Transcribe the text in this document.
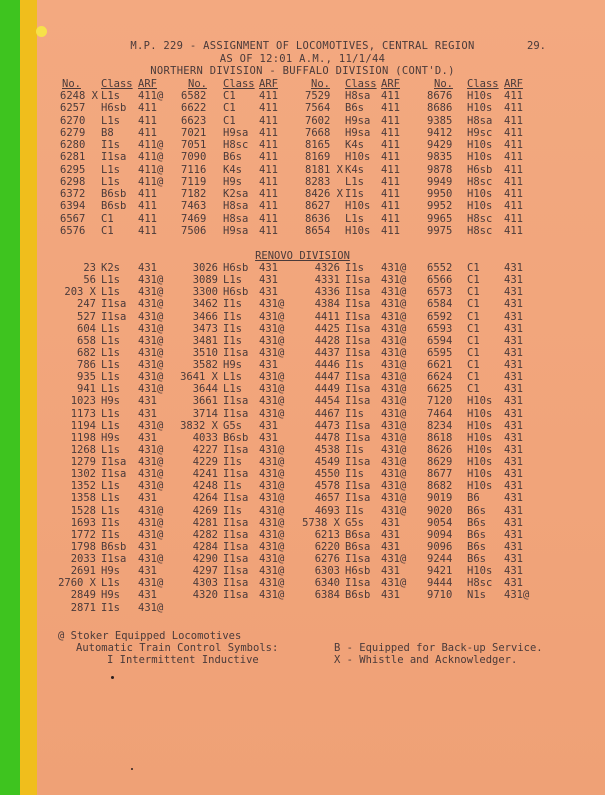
M.P. 229 - ASSIGNMENT OF LOCOMOTIVES, CENTRAL REGION	29.
AS OF 12:01 A.M., 11/1/44
NORTHERN DIVISION - BUFFALO DIVISION (CONT'D.)
No. Class ARF	No. Class ARF	No. Class ARF	No. Class ARF
6248 X L1s 411@
6257 H6sb 411
6270 L1s 411
6279 B8 411
6280 I1s 411@
6281 I1sa 411@
6295 L1s 411@
6298 L1s 411@
6372 B6sb 411
6394 B6sb 411
6567 C1 411
6576 C1 411
6582 C1 411
6622 C1 411
6623 C1 411
7021 H9sa 411
7051 H8sc 411
7090 B6s 411
7116 K4s 411
7119 H9s 411
7182 K2sa 411
7463 H8sa 411
7469 H8sa 411
7506 H9sa 411
7529 H8sa 411
7564 B6s 411
7602 H9sa 411
7668 H9sa 411
8165 K4s 411
8169 H10s 411
8181 X K4s 411
8283 L1s 411
8426 X I1s 411
8627 H10s 411
8636 L1s 411
8654 H10s 411
8676 H10s 411
8686 H10s 411
9385 H8sa 411
9412 H9sc 411
9429 H10s 411
9835 H10s 411
9878 H6sb 411
9949 H8sc 411
9950 H10s 411
9952 H10s 411
9965 H8sc 411
9975 H8sc 411
RENOVO DIVISION
23 K2s 431
56 L1s 431@
203 X L1s 431@
247 I1sa 431@
527 I1sa 431@
604 L1s 431@
658 L1s 431@
682 L1s 431@
786 L1s 431@
935 L1s 431@
941 L1s 431@
1023 H9s 431
1173 L1s 431
1194 L1s 431@
1198 H9s 431
1268 L1s 431@
1279 I1sa 431@
1302 I1sa 431@
1352 L1s 431@
1358 L1s 431
1528 L1s 431@
1693 I1s 431@
1772 I1s 431@
1798 B6sb 431
2033 I1sa 431@
2691 H9s 431
2760 X L1s 431@
2849 H9s 431
2871 I1s 431@
3026 H6sb 431
3089 L1s 431
3300 H6sb 431
3462 I1s 431@
3466 I1s 431@
3473 I1s 431@
3481 I1s 431@
3510 I1sa 431@
3582 H9s 431
3641 X L1s 431@
3644 L1s 431@
3661 I1sa 431@
3714 I1sa 431@
3832 X G5s 431
4033 B6sb 431
4227 I1sa 431@
4229 I1s 431@
4241 I1sa 431@
4248 I1s 431@
4264 I1sa 431@
4269 I1s 431@
4281 I1sa 431@
4282 I1sa 431@
4284 I1sa 431@
4290 I1sa 431@
4297 I1sa 431@
4303 I1sa 431@
4320 I1sa 431@
4326 I1s 431@
4331 I1sa 431@
4336 I1sa 431@
4384 I1sa 431@
4411 I1sa 431@
4425 I1sa 431@
4428 I1sa 431@
4437 I1sa 431@
4446 I1s 431@
4447 I1sa 431@
4449 I1sa 431@
4454 I1sa 431@
4467 I1s 431@
4473 I1sa 431@
4478 I1sa 431@
4538 I1s 431@
4549 I1sa 431@
4550 I1s 431@
4578 I1sa 431@
4657 I1sa 431@
4693 I1s 431@
5738 X G5s 431
6213 B6sa 431
6220 B6sa 431
6276 I1sa 431@
6303 H6sb 431
6340 I1sa 431@
6384 B6sb 431
6552 C1 431
6566 C1 431
6573 C1 431
6584 C1 431
6592 C1 431
6593 C1 431
6594 C1 431
6595 C1 431
6621 C1 431
6624 C1 431
6625 C1 431
7120 H10s 431
7464 H10s 431
8234 H10s 431
8618 H10s 431
8626 H10s 431
8629 H10s 431
8677 H10s 431
8682 H10s 431
9019 B6 431
9020 B6s 431
9054 B6s 431
9094 B6s 431
9096 B6s 431
9244 B6s 431
9421 H10s 431
9444 H8sc 431
9710 N1s 431@
@ Stoker Equipped Locomotives
Automatic Train Control Symbols:
I Intermittent Inductive
B - Equipped for Back-up Service.
X - Whistle and Acknowledger.
